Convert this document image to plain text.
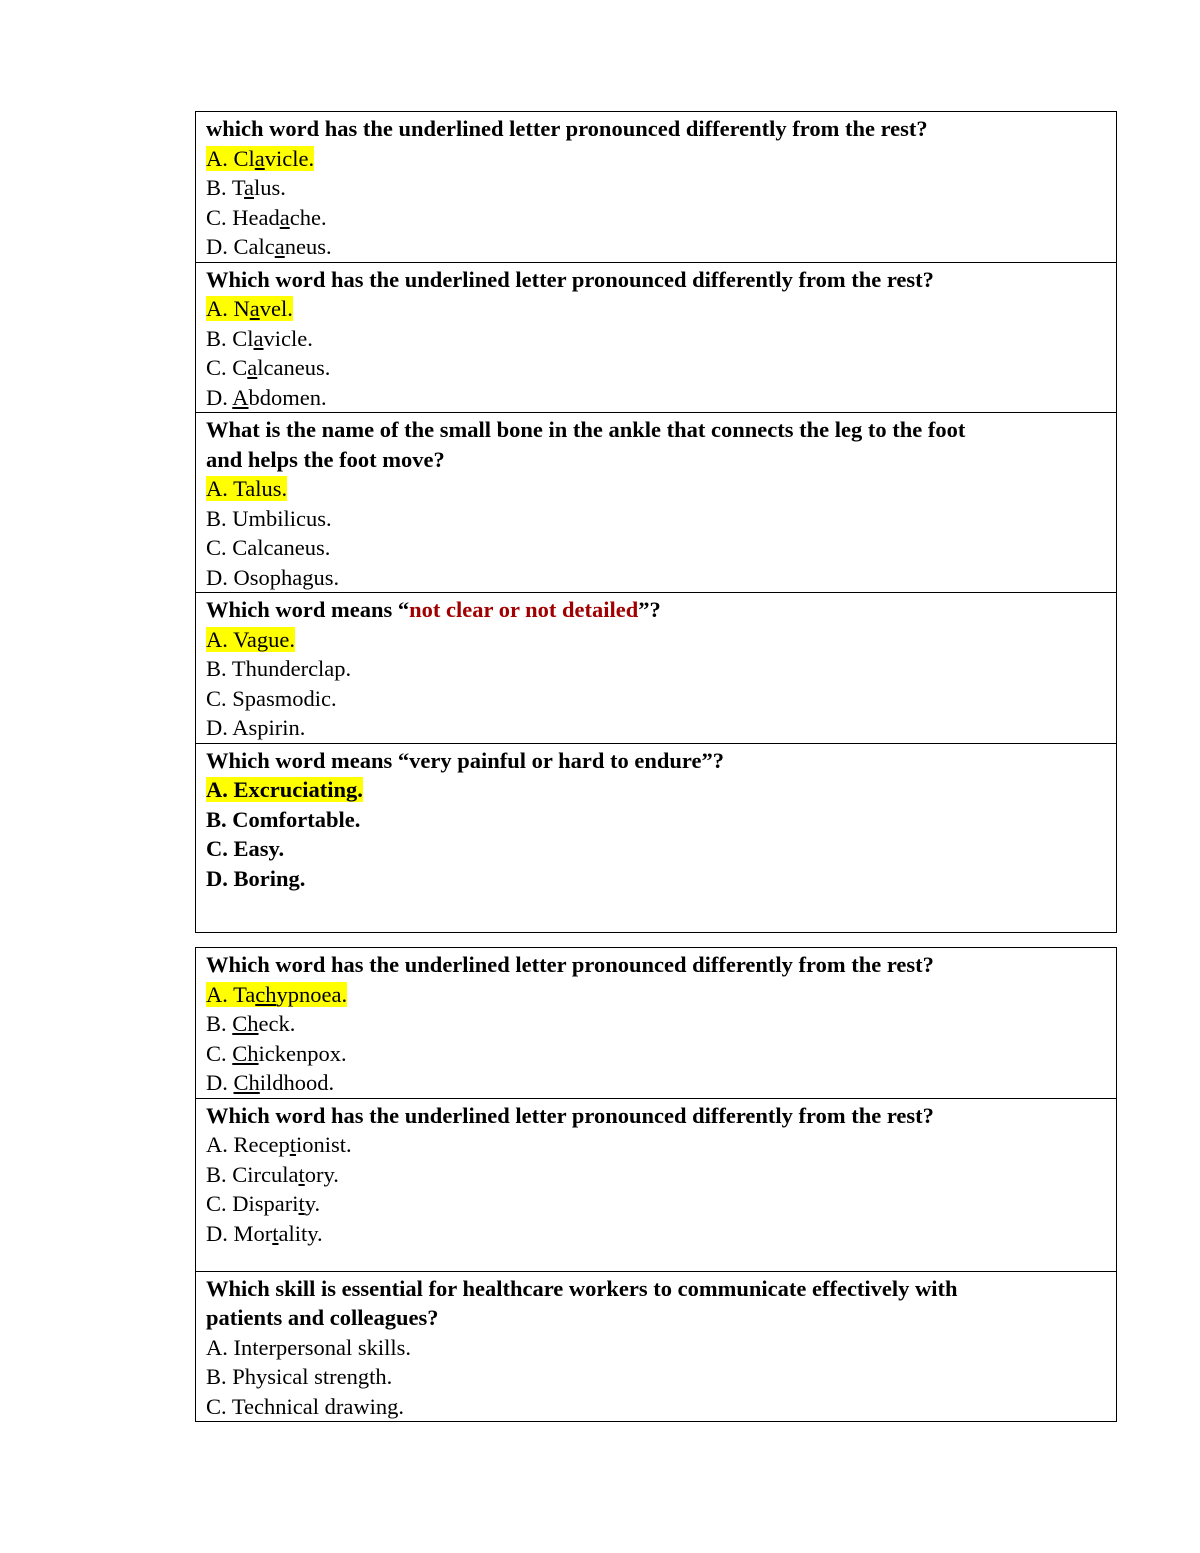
which word has the underlined letter pronounced differently from the rest?
A. Clavicle.
B. Talus.
C. Headache.
D. Calcaneus.

Which word has the underlined letter pronounced differently from the rest?
A. Navel.
B. Clavicle.
C. Calcaneus.
D. Abdomen.

What is the name of the small bone in the ankle that connects the leg to the foot
and helps the foot move?
A. Talus.
B. Umbilicus.
C. Calcaneus.
D. Osophagus.

Which word means “not clear or not detailed”?
A. Vague.
B. Thunderclap.
C. Spasmodic.
D. Aspirin.

Which word means “very painful or hard to endure”?
A. Excruciating.
B. Comfortable.
C. Easy.
D. Boring.
Which word has the underlined letter pronounced differently from the rest?
A. Tachypnoea.
B. Check.
C. Chickenpox.
D. Childhood.

Which word has the underlined letter pronounced differently from the rest?
A. Receptionist.
B. Circulatory.
C. Disparity.
D. Mortality.

Which skill is essential for healthcare workers to communicate effectively with
patients and colleagues?
A. Interpersonal skills.
B. Physical strength.
C. Technical drawing.
